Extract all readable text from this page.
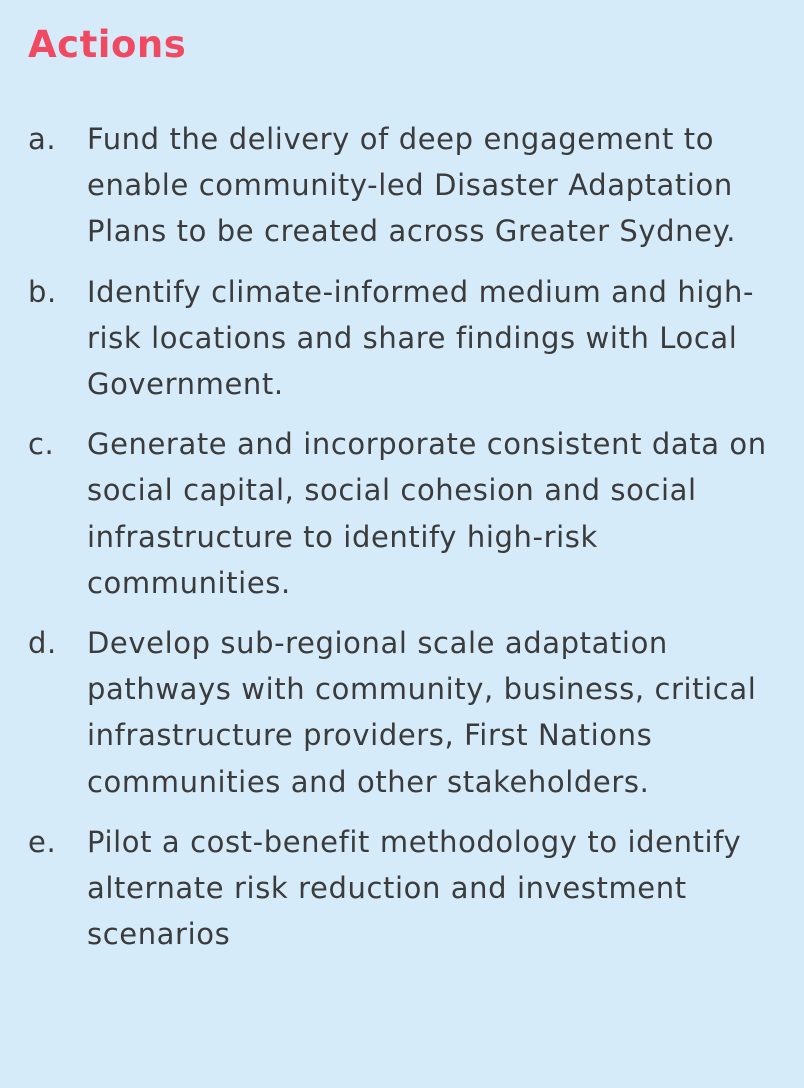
Actions
a.	Fund the delivery of deep engagement to enable community-led Disaster Adaptation Plans to be created across Greater Sydney.
b.	Identify climate-informed medium and high-risk locations and share findings with Local Government.
c.	Generate and incorporate consistent data on social capital, social cohesion and social infrastructure to identify high-risk communities.
d.	Develop sub-regional scale adaptation pathways with community, business, critical infrastructure providers, First Nations communities and other stakeholders.
e.	Pilot a cost-benefit methodology to identify alternate risk reduction and investment scenarios
